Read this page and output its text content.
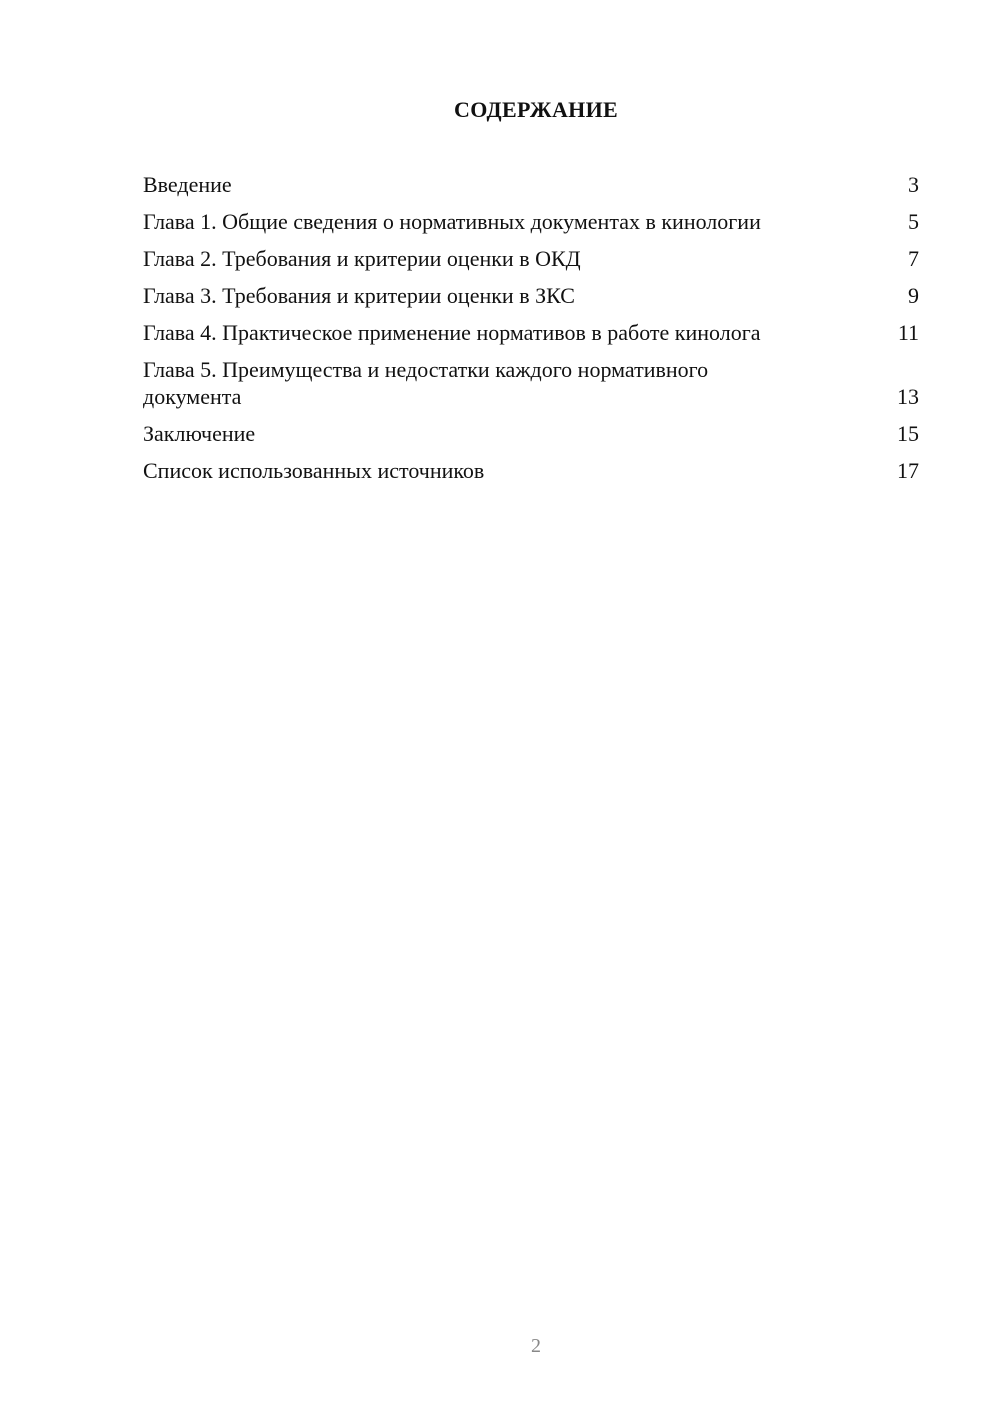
СОДЕРЖАНИЕ
Введение	3
Глава 1. Общие сведения о нормативных документах в кинологии	5
Глава 2. Требования и критерии оценки в ОКД	7
Глава 3. Требования и критерии оценки в ЗКС	9
Глава 4. Практическое применение нормативов в работе кинолога	11
Глава 5. Преимущества и недостатки каждого нормативного документа	13
Заключение	15
Список использованных источников	17
2
